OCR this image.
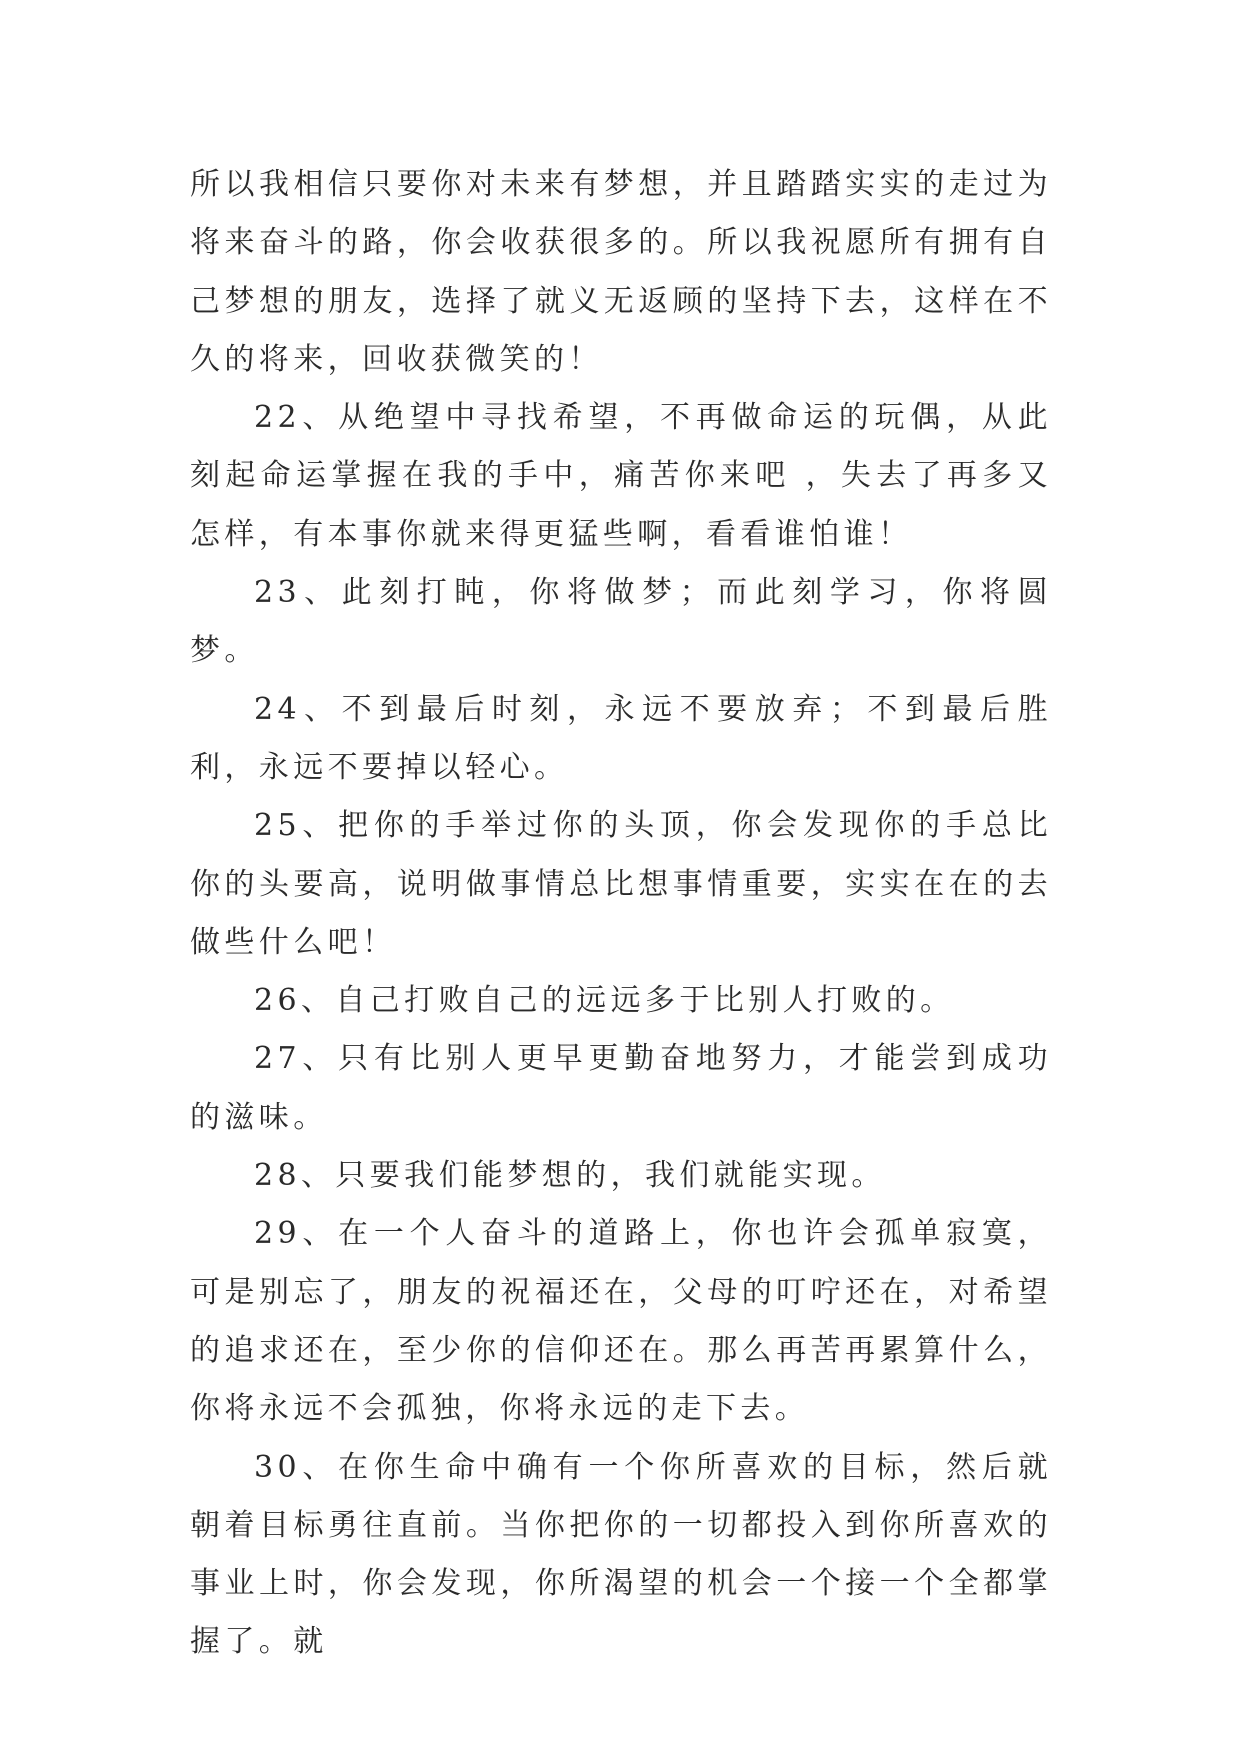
所以我相信只要你对未来有梦想，并且踏踏实实的走过为将来奋斗的路，你会收获很多的。所以我祝愿所有拥有自己梦想的朋友，选择了就义无返顾的坚持下去，这样在不久的将来，回收获微笑的！

22、从绝望中寻找希望，不再做命运的玩偶，从此刻起命运掌握在我的手中，痛苦你来吧 ，失去了再多又怎样，有本事你就来得更猛些啊，看看谁怕谁！

23、此刻打盹，你将做梦；而此刻学习，你将圆梦。

24、不到最后时刻，永远不要放弃；不到最后胜利，永远不要掉以轻心。

25、把你的手举过你的头顶，你会发现你的手总比你的头要高，说明做事情总比想事情重要，实实在在的去做些什么吧！

26、自己打败自己的远远多于比别人打败的。

27、只有比别人更早更勤奋地努力，才能尝到成功的滋味。

28、只要我们能梦想的，我们就能实现。

29、在一个人奋斗的道路上，你也许会孤单寂寞，可是别忘了，朋友的祝福还在，父母的叮咛还在，对希望的追求还在，至少你的信仰还在。那么再苦再累算什么，你将永远不会孤独，你将永远的走下去。

30、在你生命中确有一个你所喜欢的目标，然后就朝着目标勇往直前。当你把你的一切都投入到你所喜欢的事业上时，你会发现，你所渴望的机会一个接一个全都掌握了。就
